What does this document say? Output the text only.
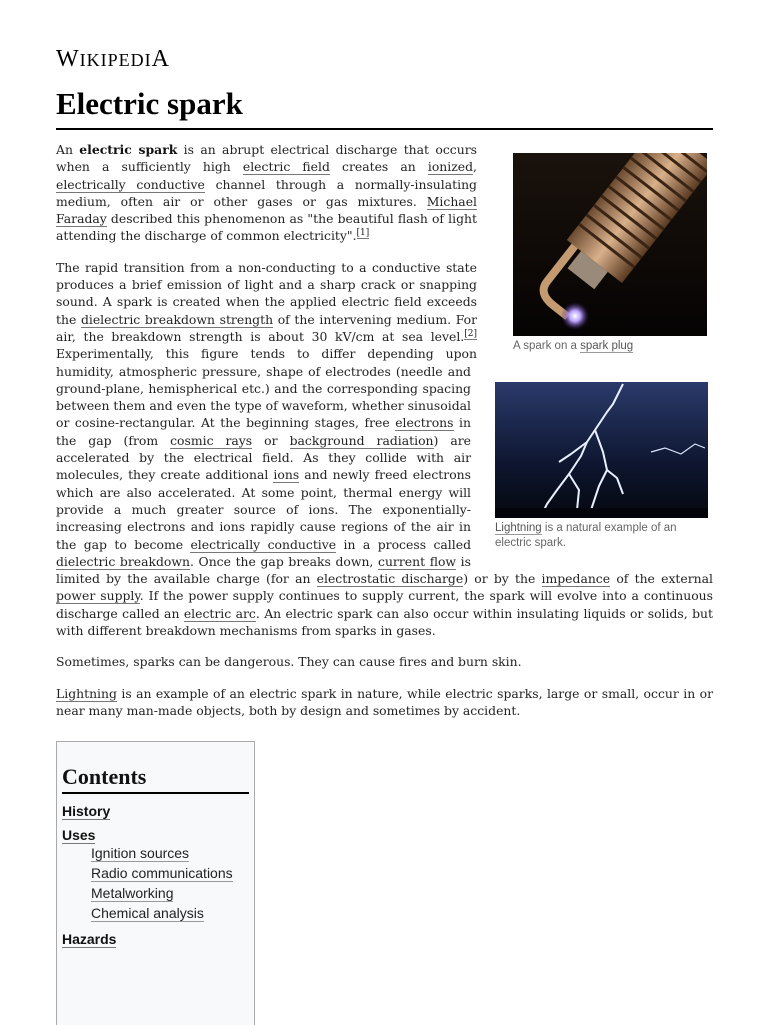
WIKIPEDIA
Electric spark
A spark on a spark plug

An electric spark is an abrupt electrical discharge that occurs when a sufficiently high electric field creates an ionized, electrically conductive channel through a normally-insulating medium, often air or other gases or gas mixtures. Michael Faraday described this phenomenon as "the beautiful flash of light attending the discharge of common electricity".[1]

Lightning is a natural example of an electric spark.

The rapid transition from a non-conducting to a conductive state produces a brief emission of light and a sharp crack or snapping sound. A spark is created when the applied electric field exceeds the dielectric breakdown strength of the intervening medium. For air, the breakdown strength is about 30 kV/cm at sea level.[2] Experimentally, this figure tends to differ depending upon humidity, atmospheric pressure, shape of electrodes (needle and ground-plane, hemispherical etc.) and the corresponding spacing between them and even the type of waveform, whether sinusoidal or cosine-rectangular. At the beginning stages, free electrons in the gap (from cosmic rays or background radiation) are accelerated by the electrical field. As they collide with air molecules, they create additional ions and newly freed electrons which are also accelerated. At some point, thermal energy will provide a much greater source of ions. The exponentially-increasing electrons and ions rapidly cause regions of the air in the gap to become electrically conductive in a process called dielectric breakdown. Once the gap breaks down, current flow is limited by the available charge (for an electrostatic discharge) or by the impedance of the external power supply. If the power supply continues to supply current, the spark will evolve into a continuous discharge called an electric arc. An electric spark can also occur within insulating liquids or solids, but with different breakdown mechanisms from sparks in gases.

Sometimes, sparks can be dangerous. They can cause fires and burn skin.

Lightning is an example of an electric spark in nature, while electric sparks, large or small, occur in or near many man-made objects, both by design and sometimes by accident.

Contents
History
Uses
Ignition sources
Radio communications
Metalworking
Chemical analysis
Hazards
